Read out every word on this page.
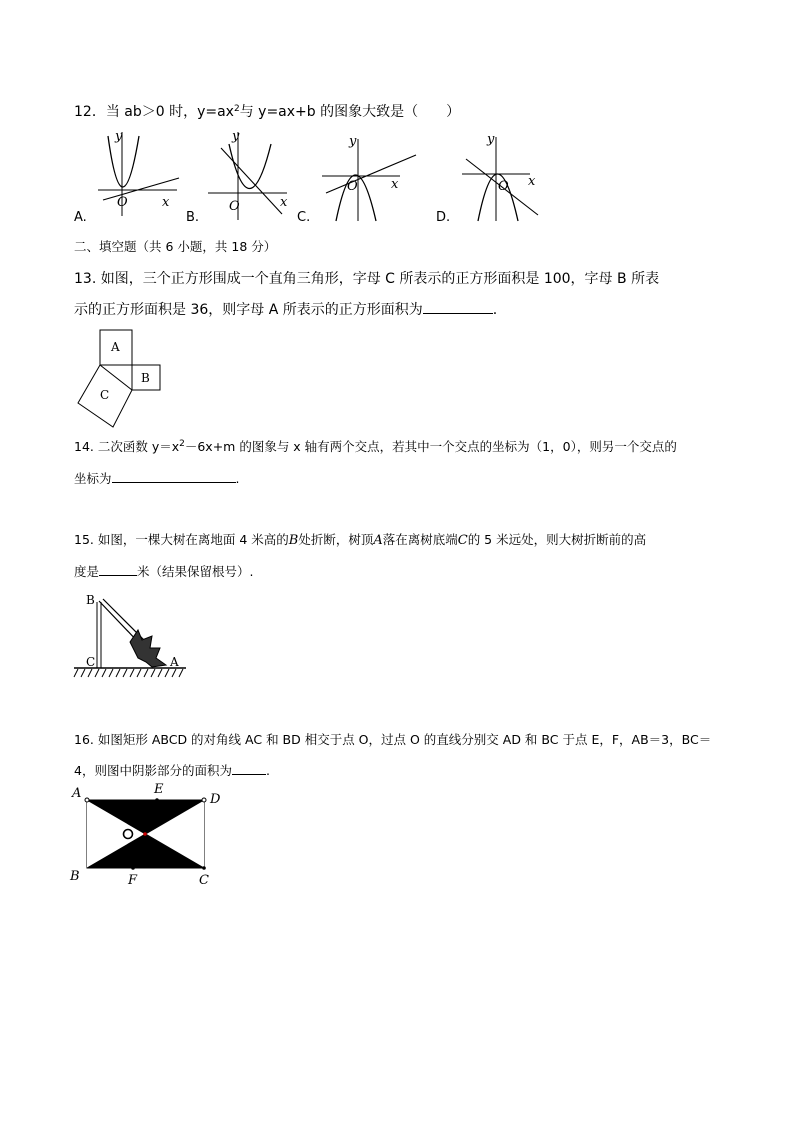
12．当 ab＞0 时，$y=ax^2$与 y=ax+b 的图象大致是（　　）
y
x
O
A.
y
x
O
B.
y
x
O
C.
y
x
O
D.
二、填空题（共 6 小题，共 18 分）
13. 如图，三个正方形围成一个直角三角形，字母 C 所表示的正方形面积是 100，字母 B 所表
示的正方形面积是 36，则字母 A 所表示的正方形面积为	.
A
B
C
14. 二次函数 $y=x^2-6x+m$ 的图象与 x 轴有两个交点，若其中一个交点的坐标为（1，0），则另一个交点的
坐标为	.
15. 如图，一棵大树在离地面 4 米高的B处折断，树顶A落在离树底端C的 5 米远处，则大树折断前的高
度是	米（结果保留根号）.
B
C	A
16. 如图矩形 ABCD 的对角线 AC 和 BD 相交于点 O，过点 O 的直线分别交 AD 和 BC 于点 E，F，AB＝3，BC＝
4，则图中阴影部分的面积为	.
A
B	C
D
E
F
